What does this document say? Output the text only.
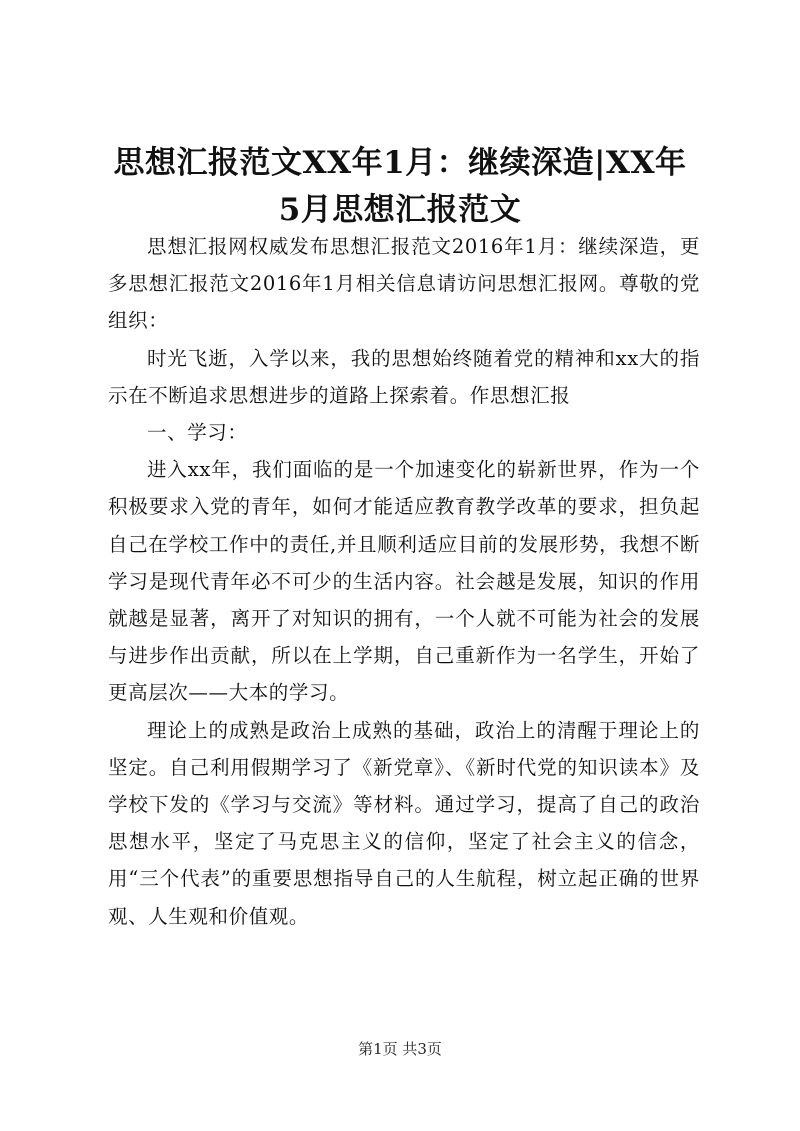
思想汇报范文XX年1月：继续深造|XX年5月思想汇报范文

思想汇报网权威发布思想汇报范文2016年1月：继续深造，更多思想汇报范文2016年1月相关信息请访问思想汇报网。尊敬的党组织：

时光飞逝，入学以来，我的思想始终随着党的精神和xx大的指示在不断追求思想进步的道路上探索着。作思想汇报

一、学习：

进入xx年，我们面临的是一个加速变化的崭新世界，作为一个积极要求入党的青年，如何才能适应教育教学改革的要求，担负起自己在学校工作中的责任,并且顺利适应目前的发展形势，我想不断学习是现代青年必不可少的生活内容。社会越是发展，知识的作用就越是显著，离开了对知识的拥有，一个人就不可能为社会的发展与进步作出贡献，所以在上学期，自己重新作为一名学生，开始了更高层次——大本的学习。

理论上的成熟是政治上成熟的基础，政治上的清醒于理论上的坚定。自己利用假期学习了《新党章》、《新时代党的知识读本》及学校下发的《学习与交流》等材料。通过学习，提高了自己的政治思想水平，坚定了马克思主义的信仰，坚定了社会主义的信念，用“三个代表”的重要思想指导自己的人生航程，树立起正确的世界观、人生观和价值观。

第1页 共3页
